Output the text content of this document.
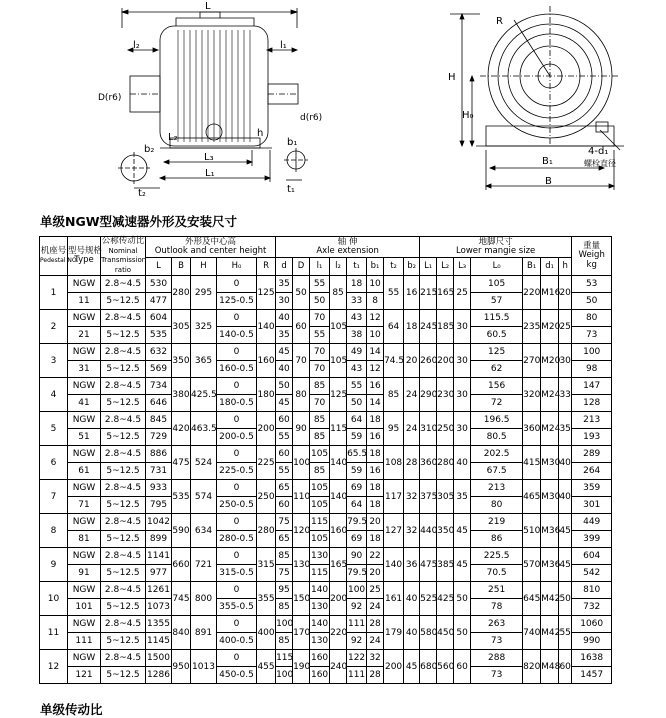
L
l₂	l₁
D(r6)
d(r6)
L₂
L₃
L₁
h
b₂
t₂
b₁
t₁
R
H
H₀
4-d₁
螺栓直径
B₁
B
单级NGW型减速器外形及安装尺寸
机座号
Pedestal NO.	型号规格
Type	公称传动比
Nominal
Transmission
ratio	外形及中心高
Outlook and center height					轴 伸
Axle extension								地脚尺寸
Lower mangie size							重量
Weigh
kg
			L	B	H	H₀	R	d	D	l₁	l₂	t₁	b₁	t₂	b₂	L₁	L₂	L₃	L₀	B₁	d₁	h	
1	NGW	2.8~4.5	530	280	295	0	125	35	50	55	85	18	10	55	16	215	165	25	105	220	M16	20	53
	11	5~12.5	477			125-0.5		30		50		33	8						57				50
2	NGW	2.8~4.5	604	305	325	0	140	40	60	70	105	43	12	64	18	245	185	30	115.5	235	M20	25	80
	21	5~12.5	535			140-0.5		35		55		38	10						60.5				73
3	NGW	2.8~4.5	632	350	365	0	160	45	70	70	105	49	14	74.5	20	260	200	30	125	270	M20	30	100
	31	5~12.5	569			160-0.5		40		70		43	12						62				98
4	NGW	2.8~4.5	734	380	425.5	0	180	50	80	85	125	55	16	85	24	290	230	30	156	320	M24	33	147
	41	5~12.5	646			180-0.5		45		70		50	14						72				128
5	NGW	2.8~4.5	845	420	463.5	0	200	60	90	85	115	64	18	95	24	310	250	30	196.5	360	M24	35	213
	51	5~12.5	729			200-0.5		55		85		59	16						80.5				193
6	NGW	2.8~4.5	886	475	524	0	225	60	100	105	140	65.5	18	108	28	360	280	40	202.5	415	M30	40	289
	61	5~12.5	731			225-0.5		55		85		59	16						67.5				264
7	NGW	2.8~4.5	933	535	574	0	250	65	110	105	140	69	18	117	32	375	305	35	213	465	M30	40	359
	71	5~12.5	795			250-0.5		60		105		64	18						80				301
8	NGW	2.8~4.5	1042	590	634	0	280	75	120	115	160	79.5	20	127	32	440	350	45	219	510	M36	45	449
	81	5~12.5	899			280-0.5		65		105		69	18						86				399
9	NGW	2.8~4.5	1141	660	721	0	315	85	130	130	165	90	22	140	36	475	385	45	225.5	570	M36	45	604
	91	5~12.5	977			315-0.5		75		115		79.5	20						70.5				542
10	NGW	2.8~4.5	1261	745	800	0	355	95	150	140	200	100	25	161	40	525	425	50	251	645	M42	50	810
	101	5~12.5	1073			355-0.5		85		130		92	24						78				732
11	NGW	2.8~4.5	1355	840	891	0	400	100	170	140	220	111	28	179	40	580	450	50	263	740	M42	55	1060
	111	5~12.5	1145			400-0.5		85		130		92	24						73				990
12	NGW	2.8~4.5	1500	950	1013	0	455	115	190	160	240	122	32	200	45	680	560	60	288	820	M48	60	1638
	121	5~12.5	1286			450-0.5		100		160		111	28						73				1457
单级传动比
